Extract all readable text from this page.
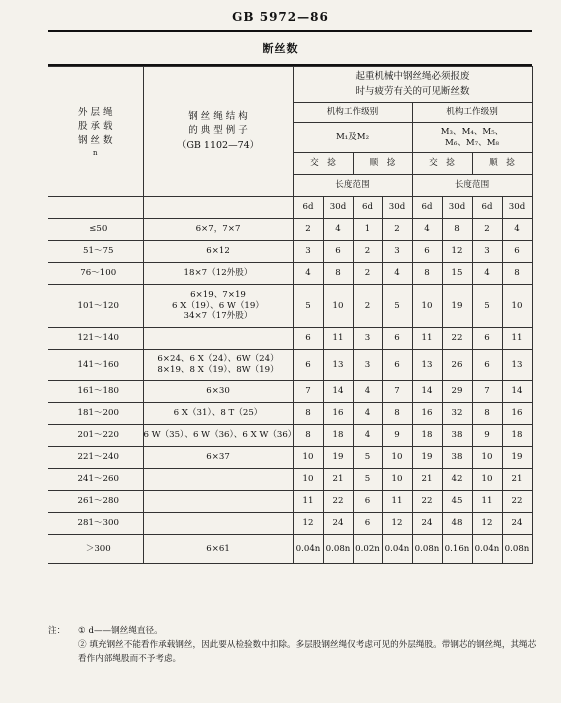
GB 5972—86
断丝数
外 层 绳
股 承 载
钢 丝 数
n	钢 丝 绳 结 构
的 典 型 例 子
（GB 1102—74）	起重机械中钢丝绳必须报废
时与疲劳有关的可见断丝数							

		机构工作级别				机构工作级别			
		M₁及M₂				M₃、M₄、M₅、
M₆、M₇、M₈			

		交　捻		顺　捻		交　捻		顺　捻	
		长度范围				长度范围			
		6d	30d	6d	30d	6d	30d	6d	30d
≤50	6×7，7×7	2	4	1	2	4	8	2	4
51～75	6×12	3	6	2	3	6	12	3	6
76～100	18×7（12外股）	4	8	2	4	8	15	4	8
101～120	6×19、7×19
6 X（19）、6 W（19）
34×7（17外股）	5	10	2	5	10	19	5	10
121～140		6	11	3	6	11	22	6	11
141～160	6×24、6 X（24）、6W（24）
8×19、8 X（19）、8W（19）	6	13	3	6	13	26	6	13
161～180	6×30	7	14	4	7	14	29	7	14
181～200	6 X（31）、8 T（25）	8	16	4	8	16	32	8	16
201～220	6 W（35）、6 W（36）、6 X W（36）	8	18	4	9	18	38	9	18
221～240	6×37	10	19	5	10	19	38	10	19
241～260		10	21	5	10	21	42	10	21
261～280		11	22	6	11	22	45	11	22
281～300		12	24	6	12	24	48	12	24
＞300	6×61	0.04n	0.08n	0.02n	0.04n	0.08n	0.16n	0.04n	0.08n
注：	① d——钢丝绳直径。
② 填充钢丝不能看作承载钢丝，因此要从检验数中扣除。多层股钢丝绳仅考虑可见的外层绳股。带钢芯的钢丝绳，其绳芯看作内部绳股而不予考虑。
